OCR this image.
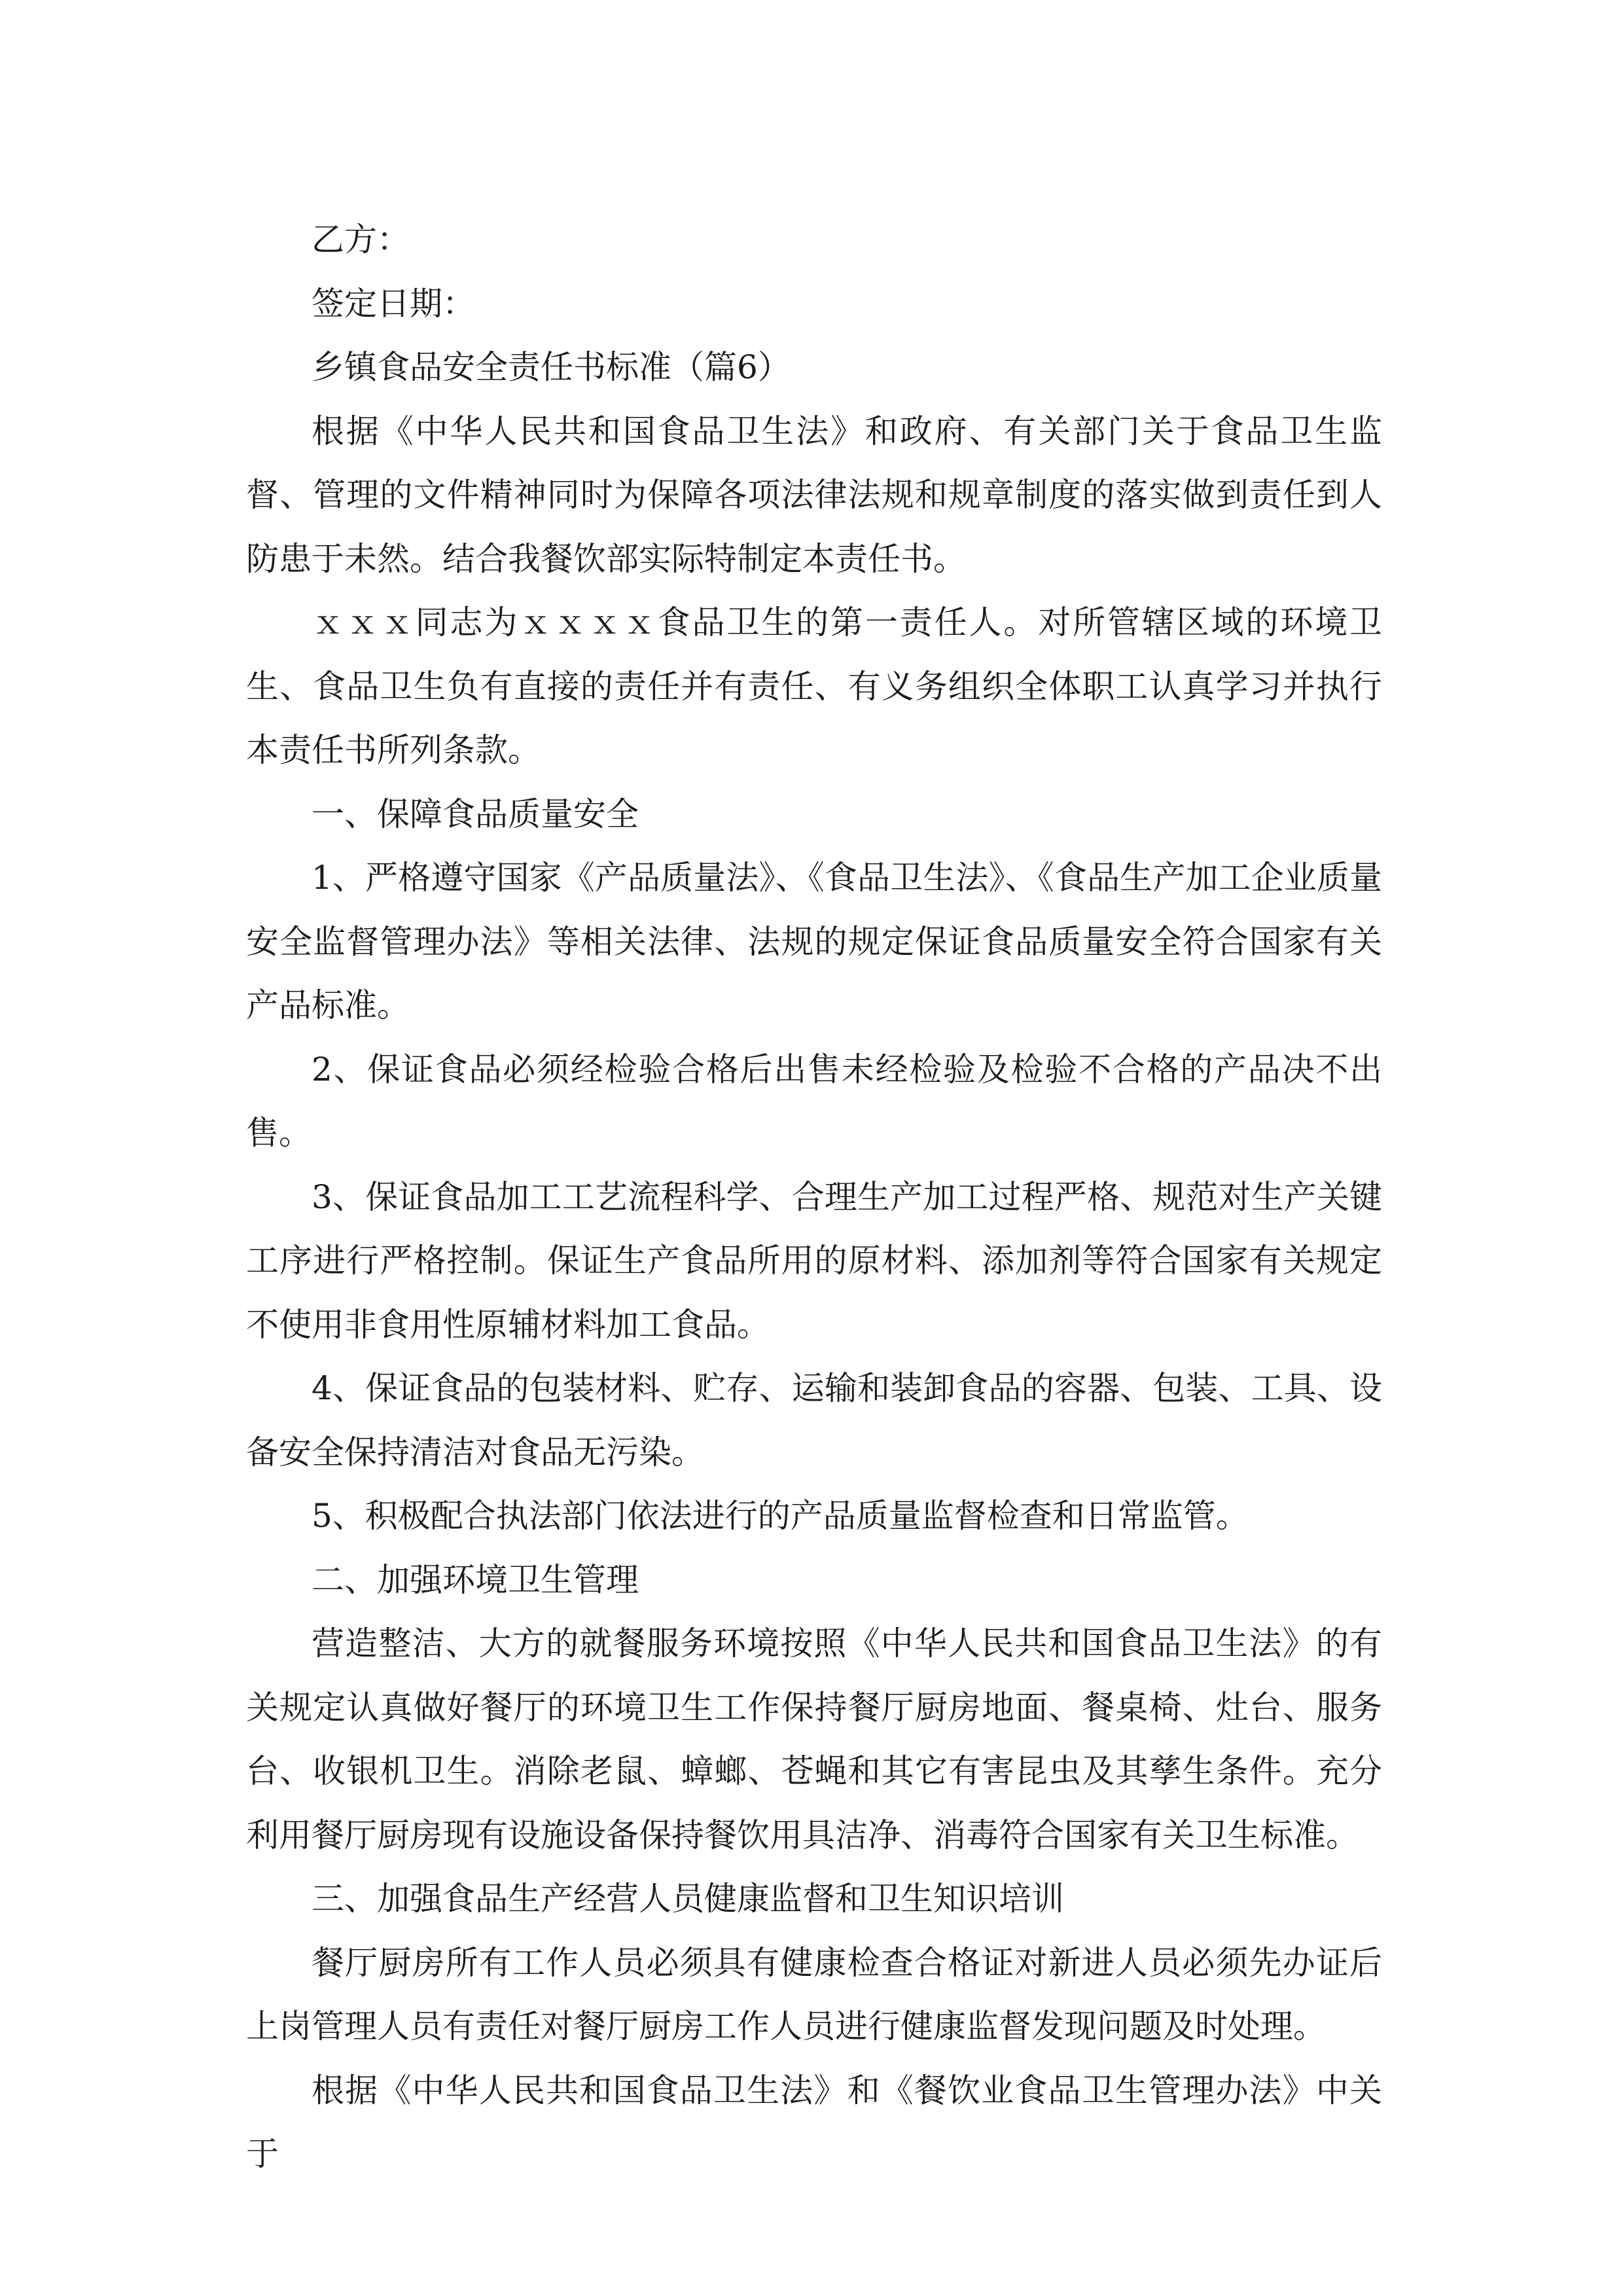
乙方：

签定日期：

乡镇食品安全责任书标准（篇6）

根据《中华人民共和国食品卫生法》和政府、有关部门关于食品卫生监督、管理的文件精神同时为保障各项法律法规和规章制度的落实做到责任到人防患于未然。结合我餐饮部实际特制定本责任书。

ｘｘｘ同志为ｘｘｘｘ食品卫生的第一责任人。对所管辖区域的环境卫生、食品卫生负有直接的责任并有责任、有义务组织全体职工认真学习并执行本责任书所列条款。

一、保障食品质量安全

1、严格遵守国家《产品质量法》、《食品卫生法》、《食品生产加工企业质量安全监督管理办法》等相关法律、法规的规定保证食品质量安全符合国家有关产品标准。

2、保证食品必须经检验合格后出售未经检验及检验不合格的产品决不出售。

3、保证食品加工工艺流程科学、合理生产加工过程严格、规范对生产关键工序进行严格控制。保证生产食品所用的原材料、添加剂等符合国家有关规定不使用非食用性原辅材料加工食品。

4、保证食品的包装材料、贮存、运输和装卸食品的容器、包装、工具、设备安全保持清洁对食品无污染。

5、积极配合执法部门依法进行的产品质量监督检查和日常监管。

二、加强环境卫生管理

营造整洁、大方的就餐服务环境按照《中华人民共和国食品卫生法》的有关规定认真做好餐厅的环境卫生工作保持餐厅厨房地面、餐桌椅、灶台、服务台、收银机卫生。消除老鼠、蟑螂、苍蝇和其它有害昆虫及其孳生条件。充分利用餐厅厨房现有设施设备保持餐饮用具洁净、消毒符合国家有关卫生标准。

三、加强食品生产经营人员健康监督和卫生知识培训

餐厅厨房所有工作人员必须具有健康检查合格证对新进人员必须先办证后上岗管理人员有责任对餐厅厨房工作人员进行健康监督发现问题及时处理。

根据《中华人民共和国食品卫生法》和《餐饮业食品卫生管理办法》中关于
